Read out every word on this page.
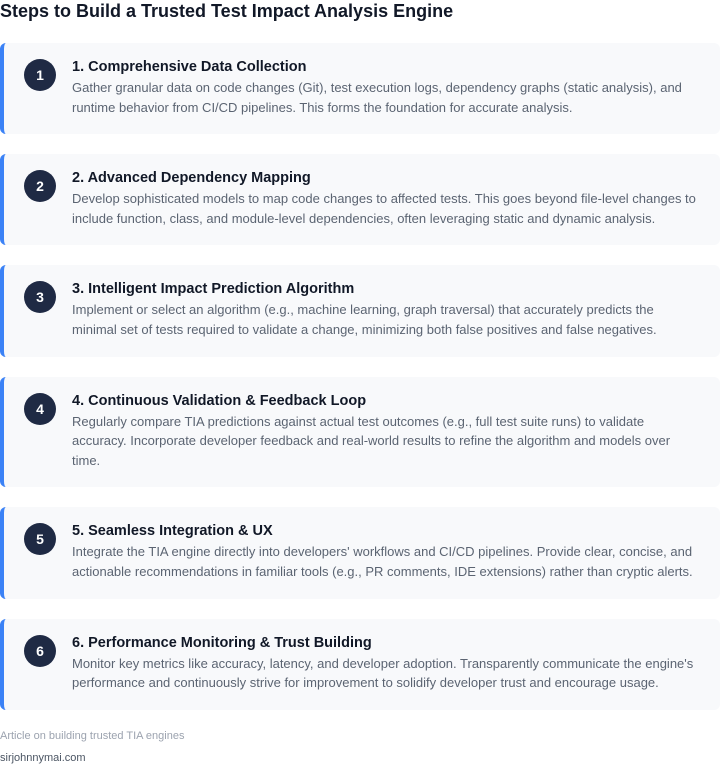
Steps to Build a Trusted Test Impact Analysis Engine
1	1. Comprehensive Data Collection

Gather granular data on code changes (Git), test execution logs, dependency graphs (static analysis), and runtime behavior from CI/CD pipelines. This forms the foundation for accurate analysis.

2	2. Advanced Dependency Mapping

Develop sophisticated models to map code changes to affected tests. This goes beyond file-level changes to include function, class, and module-level dependencies, often leveraging static and dynamic analysis.

3	3. Intelligent Impact Prediction Algorithm

Implement or select an algorithm (e.g., machine learning, graph traversal) that accurately predicts the minimal set of tests required to validate a change, minimizing both false positives and false negatives.

4	4. Continuous Validation & Feedback Loop

Regularly compare TIA predictions against actual test outcomes (e.g., full test suite runs) to validate accuracy. Incorporate developer feedback and real-world results to refine the algorithm and models over time.

5	5. Seamless Integration & UX

Integrate the TIA engine directly into developers' workflows and CI/CD pipelines. Provide clear, concise, and actionable recommendations in familiar tools (e.g., PR comments, IDE extensions) rather than cryptic alerts.

6	6. Performance Monitoring & Trust Building

Monitor key metrics like accuracy, latency, and developer adoption. Transparently communicate the engine's performance and continuously strive for improvement to solidify developer trust and encourage usage.

Article on building trusted TIA engines
sirjohnnymai.com
